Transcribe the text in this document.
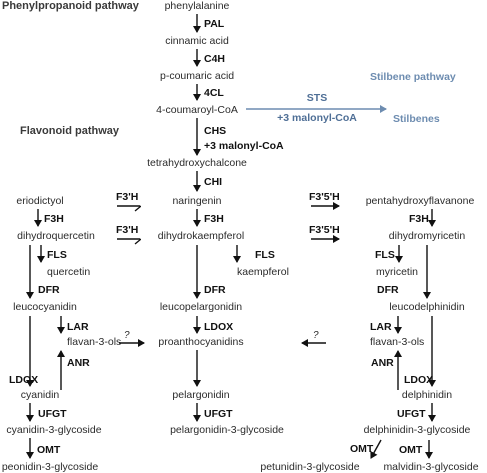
Phenylpropanoid pathway
Flavonoid pathway
Stilbene pathway
phenylalanine
PAL
cinnamic acid
C4H
p-coumaric acid
4CL
4-coumaroyl-CoA
STS
+3 malonyl-CoA	Stilbenes
CHS
+3 malonyl-CoA
tetrahydroxychalcone
CHI
naringenin
eriodictyol	pentahydroxyflavanone
F3'H	F3'5'H
F3H	F3H	F3H
dihydroquercetin	dihydrokaempferol	dihydromyricetin
F3'H	F3'5'H
FLS
quercetin
FLS
kaempferol
FLS
myricetin
DFR	DFR	DFR
leucocyanidin	leucopelargonidin	leucodelphinidin
LAR	LAR
LDOX
flavan-3-ols	proanthocyanidins	flavan-3-ols
?	?
ANR	ANR
LDOX	LDOX
cyanidin	pelargonidin	delphinidin
UFGT	UFGT	UFGT
cyanidin-3-glycoside	pelargonidin-3-glycoside	delphinidin-3-glycoside
OMT	OMT OMT
peonidin-3-glycoside	petunidin-3-glycoside malvidin-3-glycoside
